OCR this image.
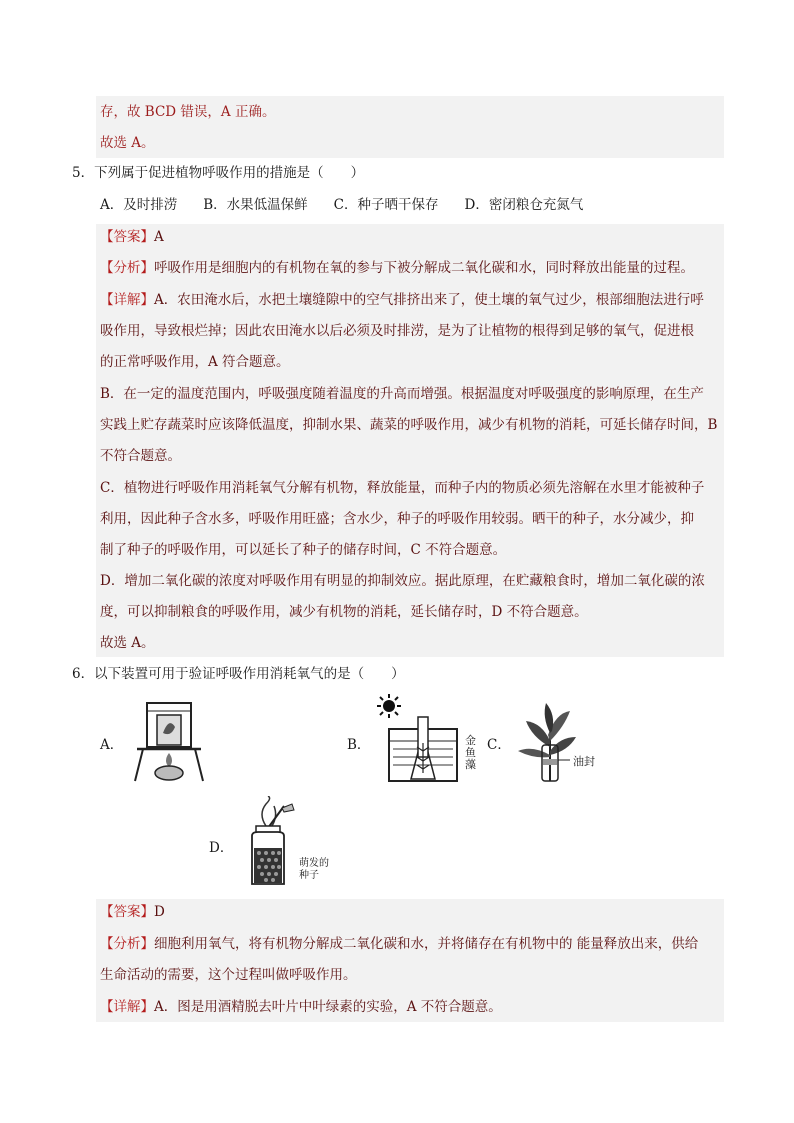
存，故 BCD 错误，A 正确。
故选 A。
5．下列属于促进植物呼吸作用的措施是（　　）
A．及时排涝 B．水果低温保鲜 C．种子晒干保存 D．密闭粮仓充氮气
【答案】A
【分析】呼吸作用是细胞内的有机物在氧的参与下被分解成二氧化碳和水，同时释放出能量的过程。
【详解】A．农田淹水后，水把土壤缝隙中的空气排挤出来了，使土壤的氧气过少，根部细胞法进行呼
吸作用，导致根烂掉；因此农田淹水以后必须及时排涝，是为了让植物的根得到足够的氧气，促进根
的正常呼吸作用，A 符合题意。
B．在一定的温度范围内，呼吸强度随着温度的升高而增强。根据温度对呼吸强度的影响原理，在生产
实践上贮存蔬菜时应该降低温度，抑制水果、蔬菜的呼吸作用，减少有机物的消耗，可延长储存时间，B
不符合题意。
C．植物进行呼吸作用消耗氧气分解有机物，释放能量，而种子内的物质必须先溶解在水里才能被种子
利用，因此种子含水多，呼吸作用旺盛；含水少，种子的呼吸作用较弱。晒干的种子，水分减少，抑
制了种子的呼吸作用，可以延长了种子的储存时间，C 不符合题意。
D．增加二氧化碳的浓度对呼吸作用有明显的抑制效应。据此原理，在贮藏粮食时，增加二氧化碳的浓
度，可以抑制粮食的呼吸作用，减少有机物的消耗，延长储存时，D 不符合题意。
故选 A。
6．以下装置可用于验证呼吸作用消耗氧气的是（　　）
A．	B．	金
鱼
藻
C．
油封
D．
萌发的
种子
【答案】D
【分析】细胞利用氧气，将有机物分解成二氧化碳和水，并将储存在有机物中的 能量释放出来，供给
生命活动的需要，这个过程叫做呼吸作用。
【详解】A．图是用酒精脱去叶片中叶绿素的实验，A 不符合题意。
